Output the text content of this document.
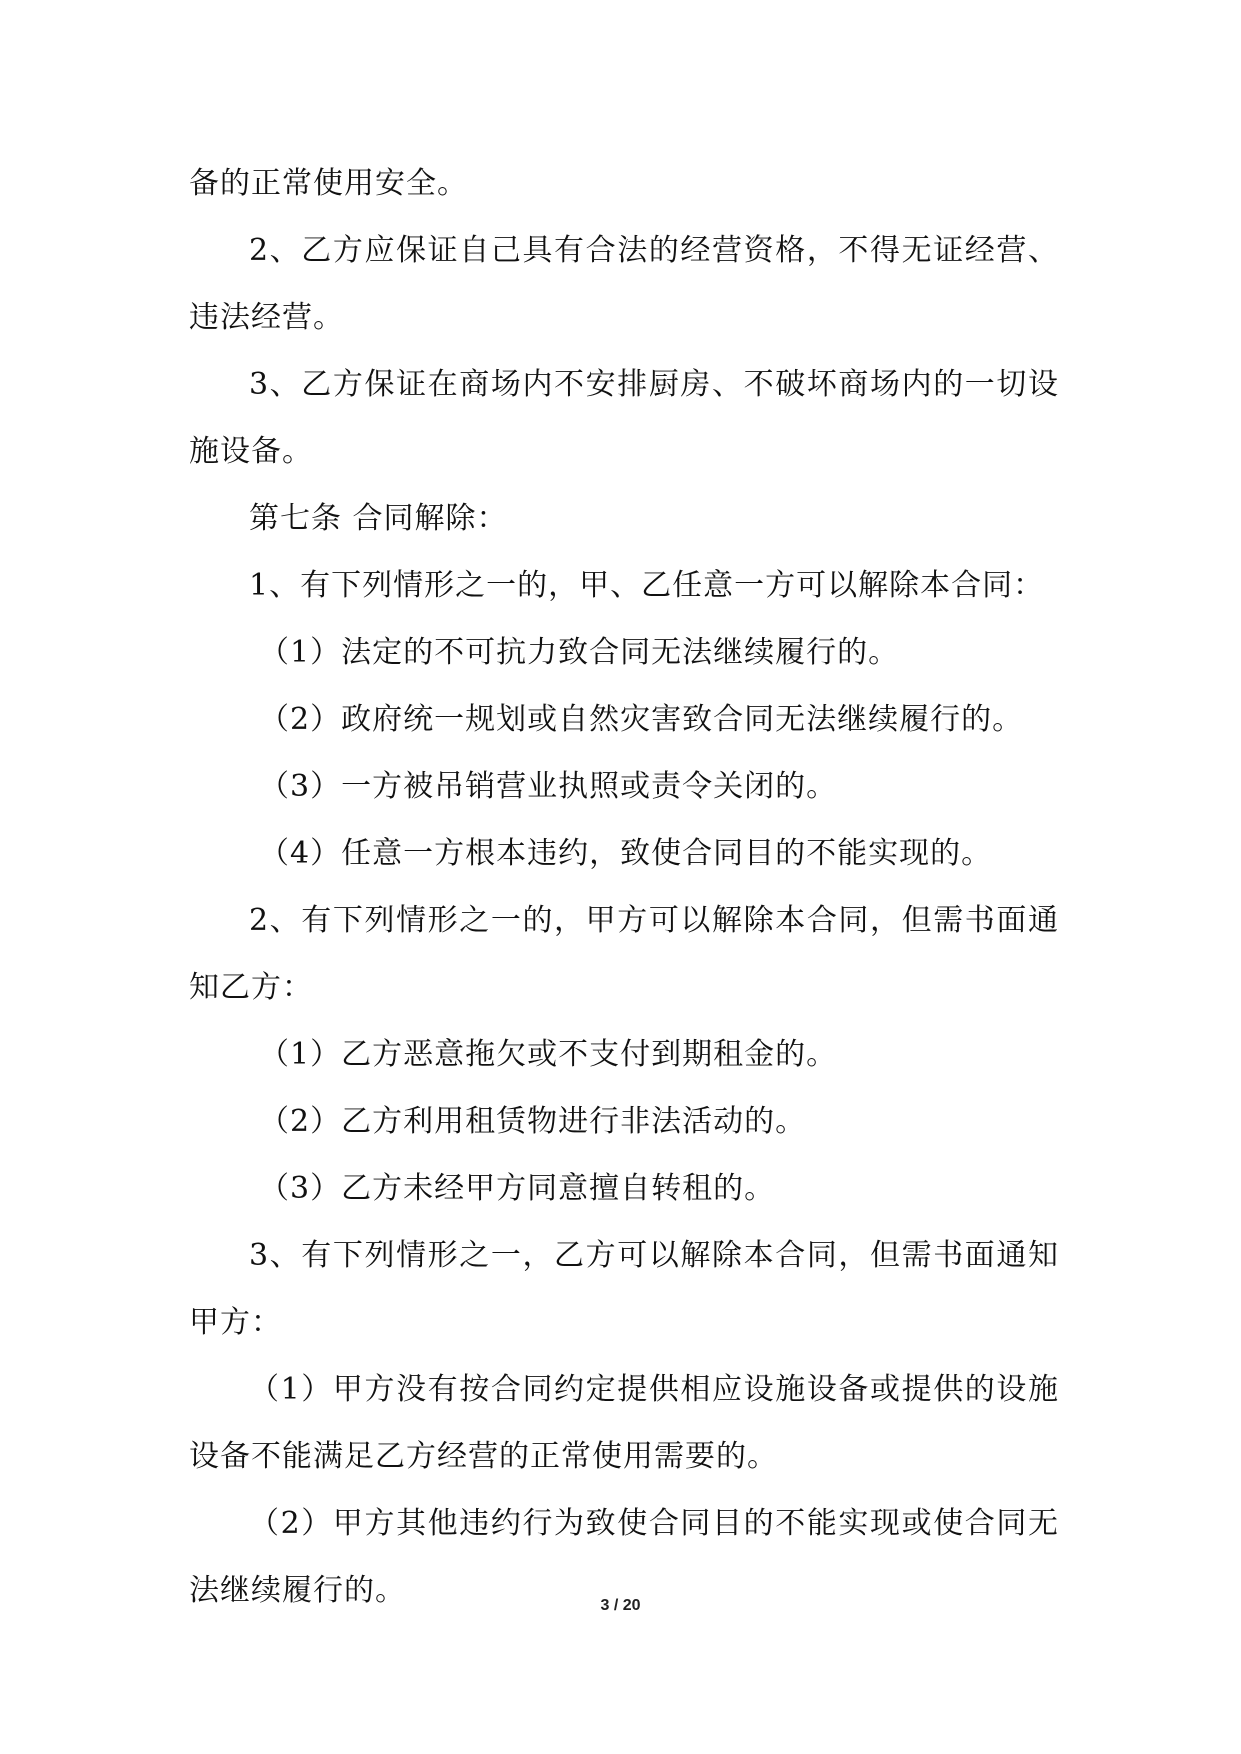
备的正常使用安全。
2、乙方应保证自己具有合法的经营资格，不得无证经营、
违法经营。
3、乙方保证在商场内不安排厨房、不破坏商场内的一切设
施设备。
第七条 合同解除：
1、有下列情形之一的，甲、乙任意一方可以解除本合同：
（1）法定的不可抗力致合同无法继续履行的。
（2）政府统一规划或自然灾害致合同无法继续履行的。
（3）一方被吊销营业执照或责令关闭的。
（4）任意一方根本违约，致使合同目的不能实现的。
2、有下列情形之一的，甲方可以解除本合同，但需书面通
知乙方：
（1）乙方恶意拖欠或不支付到期租金的。
（2）乙方利用租赁物进行非法活动的。
（3）乙方未经甲方同意擅自转租的。
3、有下列情形之一，乙方可以解除本合同，但需书面通知
甲方：
（1）甲方没有按合同约定提供相应设施设备或提供的设施
设备不能满足乙方经营的正常使用需要的。
（2）甲方其他违约行为致使合同目的不能实现或使合同无
法继续履行的。	3 / 20
